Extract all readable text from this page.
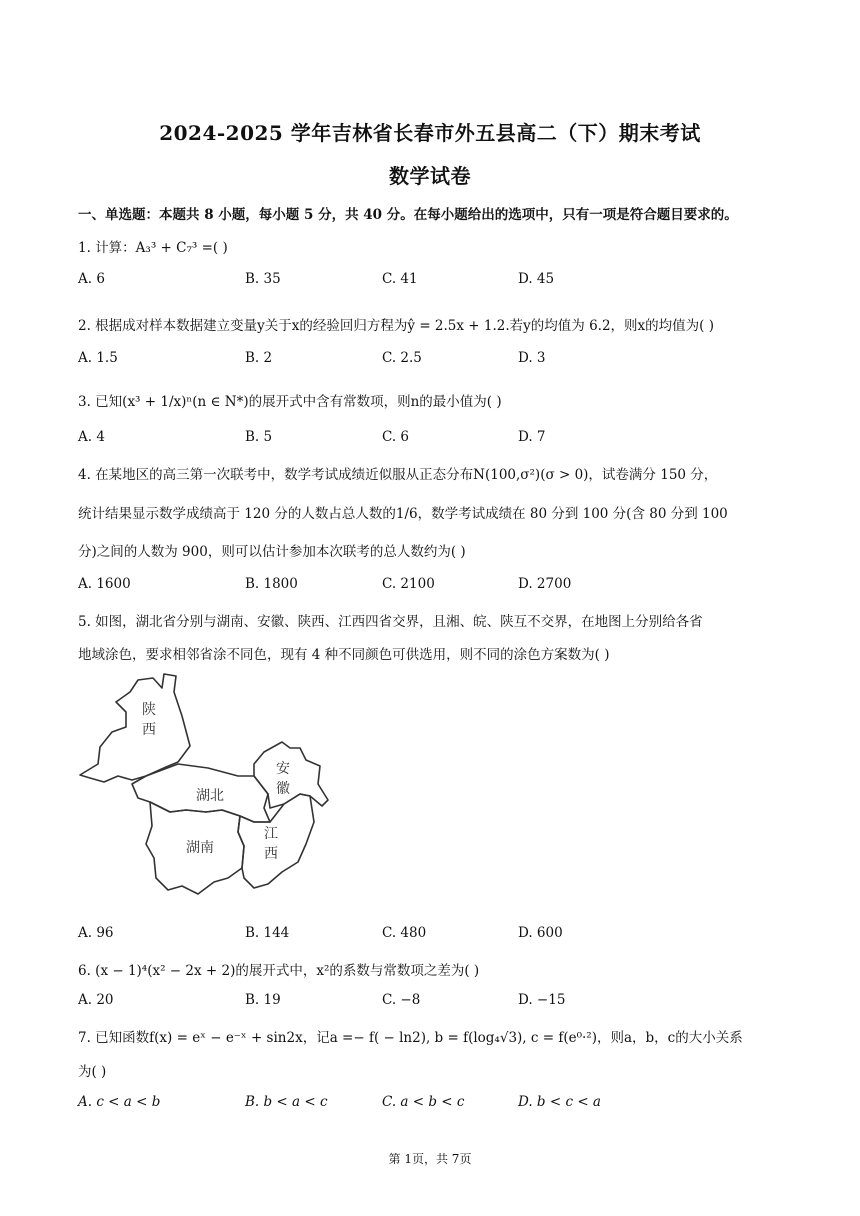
2024-2025 学年吉林省长春市外五县高二（下）期末考试
数学试卷
一、单选题：本题共 8 小题，每小题 5 分，共 40 分。在每小题给出的选项中，只有一项是符合题目要求的。
1. 计算：A₃³ + C₇³ =( )
A. 6	B. 35	C. 41	D. 45
2. 根据成对样本数据建立变量y关于x的经验回归方程为ŷ = 2.5x + 1.2.若y的均值为 6.2，则x的均值为( )
A. 1.5	B. 2	C. 2.5	D. 3
3. 已知(x³ + 1/x)ⁿ(n ∈ N*)的展开式中含有常数项，则n的最小值为( )
A. 4	B. 5	C. 6	D. 7
4. 在某地区的高三第一次联考中，数学考试成绩近似服从正态分布N(100,σ²)(σ > 0)，试卷满分 150 分，
统计结果显示数学成绩高于 120 分的人数占总人数的1/6，数学考试成绩在 80 分到 100 分(含 80 分到 100
分)之间的人数为 900，则可以估计参加本次联考的总人数约为( )
A. 1600	B. 1800	C. 2100	D. 2700
5. 如图，湖北省分别与湖南、安徽、陕西、江西四省交界，且湘、皖、陕互不交界，在地图上分别给各省
地域涂色，要求相邻省涂不同色，现有 4 种不同颜色可供选用，则不同的涂色方案数为( )
陕
西
安
徽
湖北
湖南
江
西
A. 96	B. 144	C. 480	D. 600
6. (x − 1)⁴(x² − 2x + 2)的展开式中，x²的系数与常数项之差为( )
A. 20	B. 19	C. −8	D. −15
7. 已知函数f(x) = eˣ − e⁻ˣ + sin2x，记a =− f( − ln2), b = f(log₄√3), c = f(e⁰·²)，则a，b，c的大小关系
为( )
A. c < a < b	B. b < a < c	C. a < b < c	D. b < c < a
第 1页，共 7页
